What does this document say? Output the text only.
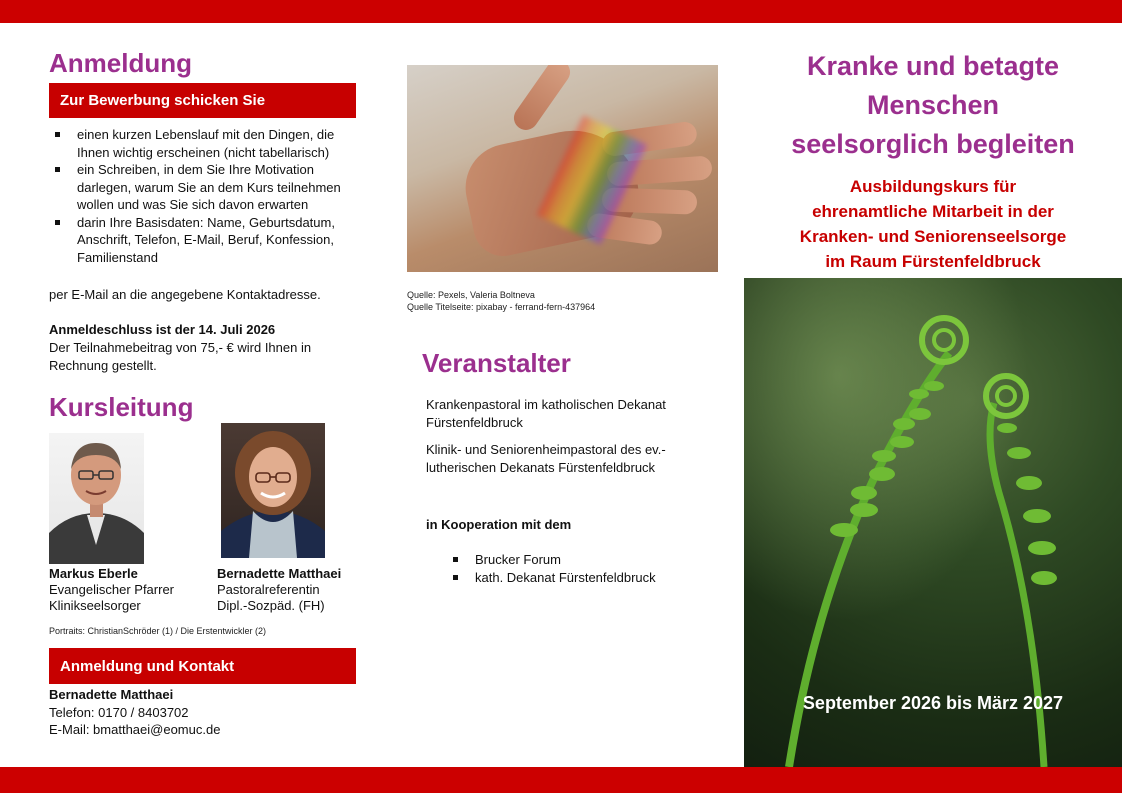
Anmeldung
Zur Bewerbung schicken Sie
einen kurzen Lebenslauf mit den Dingen, die Ihnen wichtig erscheinen (nicht tabellarisch)
ein Schreiben, in dem Sie Ihre Motivation darlegen, warum Sie an dem Kurs teilnehmen wollen und was Sie sich davon erwarten
darin Ihre Basisdaten: Name, Geburtsdatum, Anschrift, Telefon, E-Mail, Beruf, Konfession, Familienstand
per E-Mail an die angegebene Kontaktadresse.
Anmeldeschluss ist der 14. Juli 2026
Der Teilnahmebeitrag von 75,- € wird Ihnen in Rechnung gestellt.
Kursleitung
Markus Eberle
Evangelischer Pfarrer
Klinikseelsorger
Bernadette Matthaei
Pastoralreferentin
Dipl.-Sozpäd. (FH)
Portraits: ChristianSchröder (1) / Die Erstentwickler (2)
Anmeldung und Kontakt
Bernadette Matthaei
Telefon: 0170 / 8403702
E-Mail: bmatthaei@eomuc.de
Quelle: Pexels, Valeria Boltneva
Quelle Titelseite: pixabay - ferrand-fern-437964
Veranstalter
Krankenpastoral im katholischen Dekanat Fürstenfeldbruck
Klinik- und Seniorenheimpastoral des ev.-lutherischen Dekanats Fürstenfeldbruck
in Kooperation mit dem
Brucker Forum
kath. Dekanat Fürstenfeldbruck
Kranke und betagte
Menschen
seelsorglich begleiten
Ausbildungskurs für
ehrenamtliche Mitarbeit in der
Kranken- und Seniorenseelsorge
im Raum Fürstenfeldbruck
September 2026 bis März 2027
